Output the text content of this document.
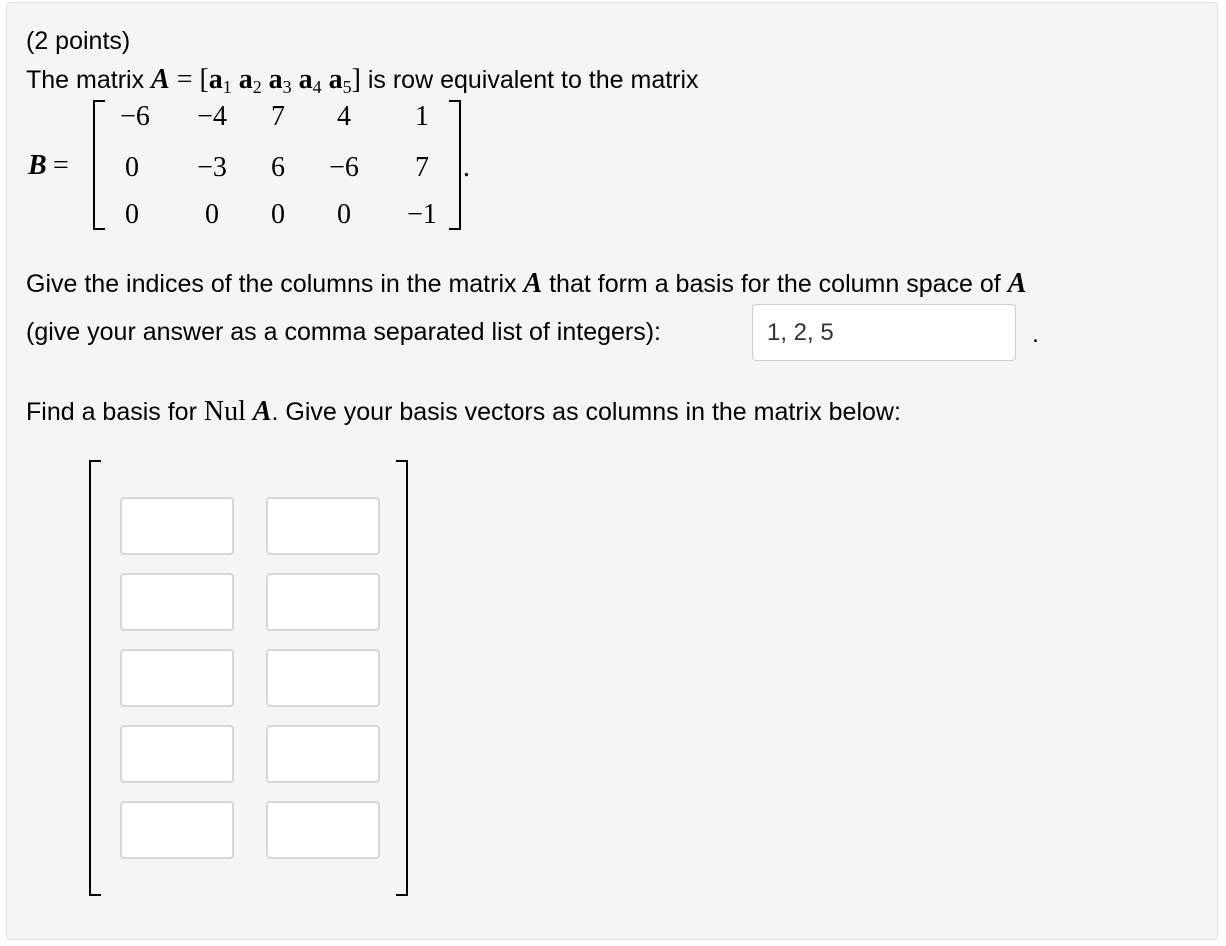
(2 points)
The matrix $A = [a_1$ $a_2$ $a_3$ $a_4$ $a_5$] is row equivalent to the matrix
B =
−6	−4	7	4	1
0	−3	6	−6	7
0	0	0	0	−1
.
Give the indices of the columns in the matrix A that form a basis for the column space of A
(give your answer as a comma separated list of integers):
1, 2, 5	.
Find a basis for Nul A. Give your basis vectors as columns in the matrix below:
